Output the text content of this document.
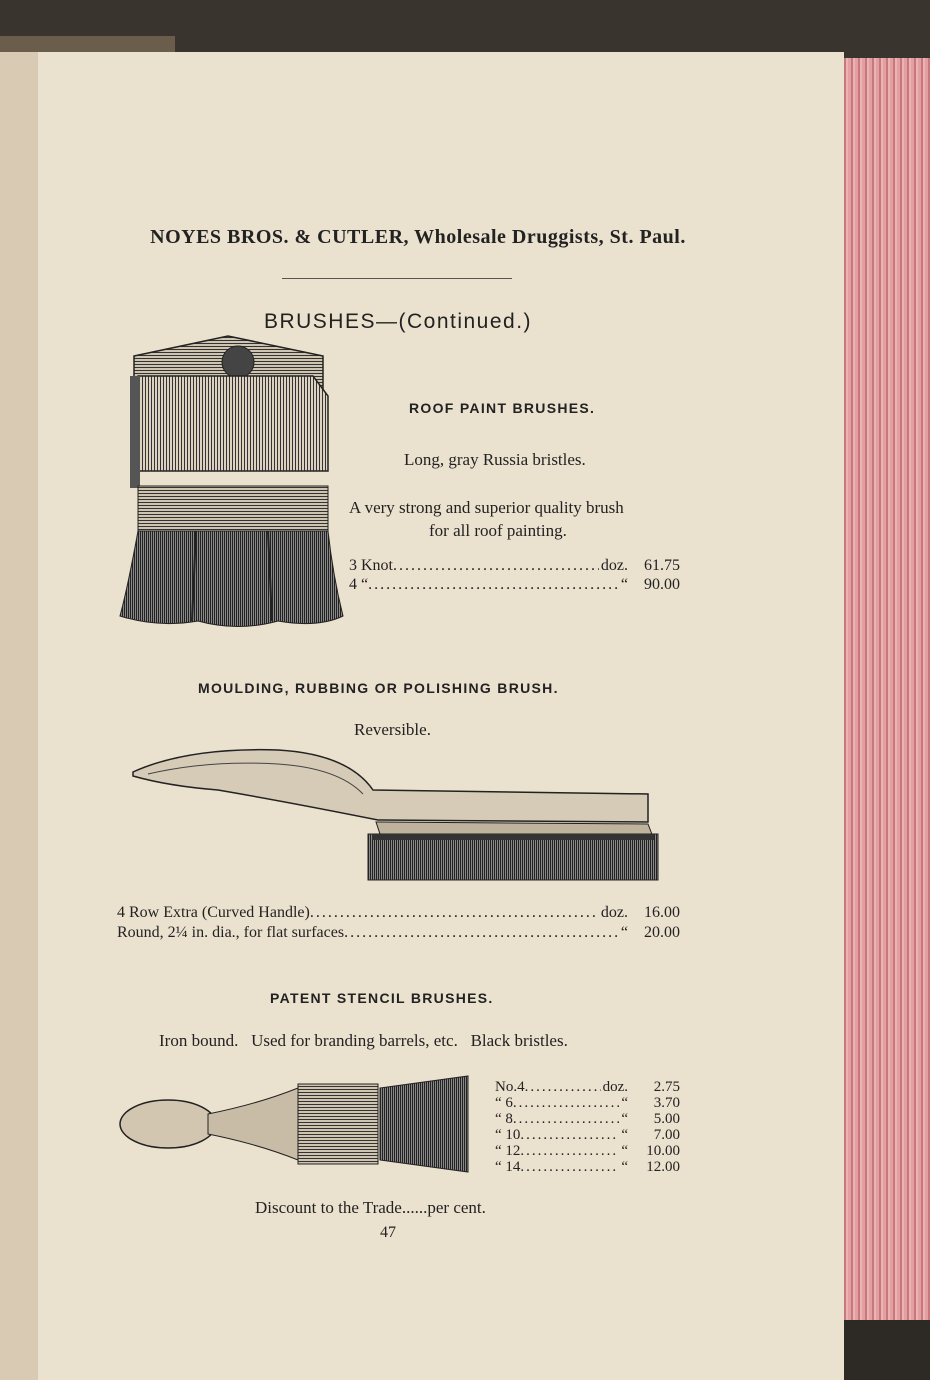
NOYES BROS. & CUTLER, Wholesale Druggists, St. Paul.
BRUSHES—(Continued.)
ROOF PAINT BRUSHES.
Long, gray Russia bristles.
A very strong and superior quality brush
for all roof painting.
3 Knot .....	doz.	61.75
4 “ .....	“	90.00
MOULDING, RUBBING OR POLISHING BRUSH.
Reversible.
4 Row Extra (Curved Handle) .....	doz.	16.00
Round, 2¼ in. dia., for flat surfaces .....	“	20.00
PATENT STENCIL BRUSHES.
Iron bound.   Used for branding barrels, etc.   Black bristles.
No.4 .....	doz.	2.75
“ 6 .....	“	3.70
“ 8 .....	“	5.00
“ 10 .....	“	7.00
“ 12 .....	“	10.00
“ 14 .....	“	12.00
Discount to the Trade......per cent.
47
